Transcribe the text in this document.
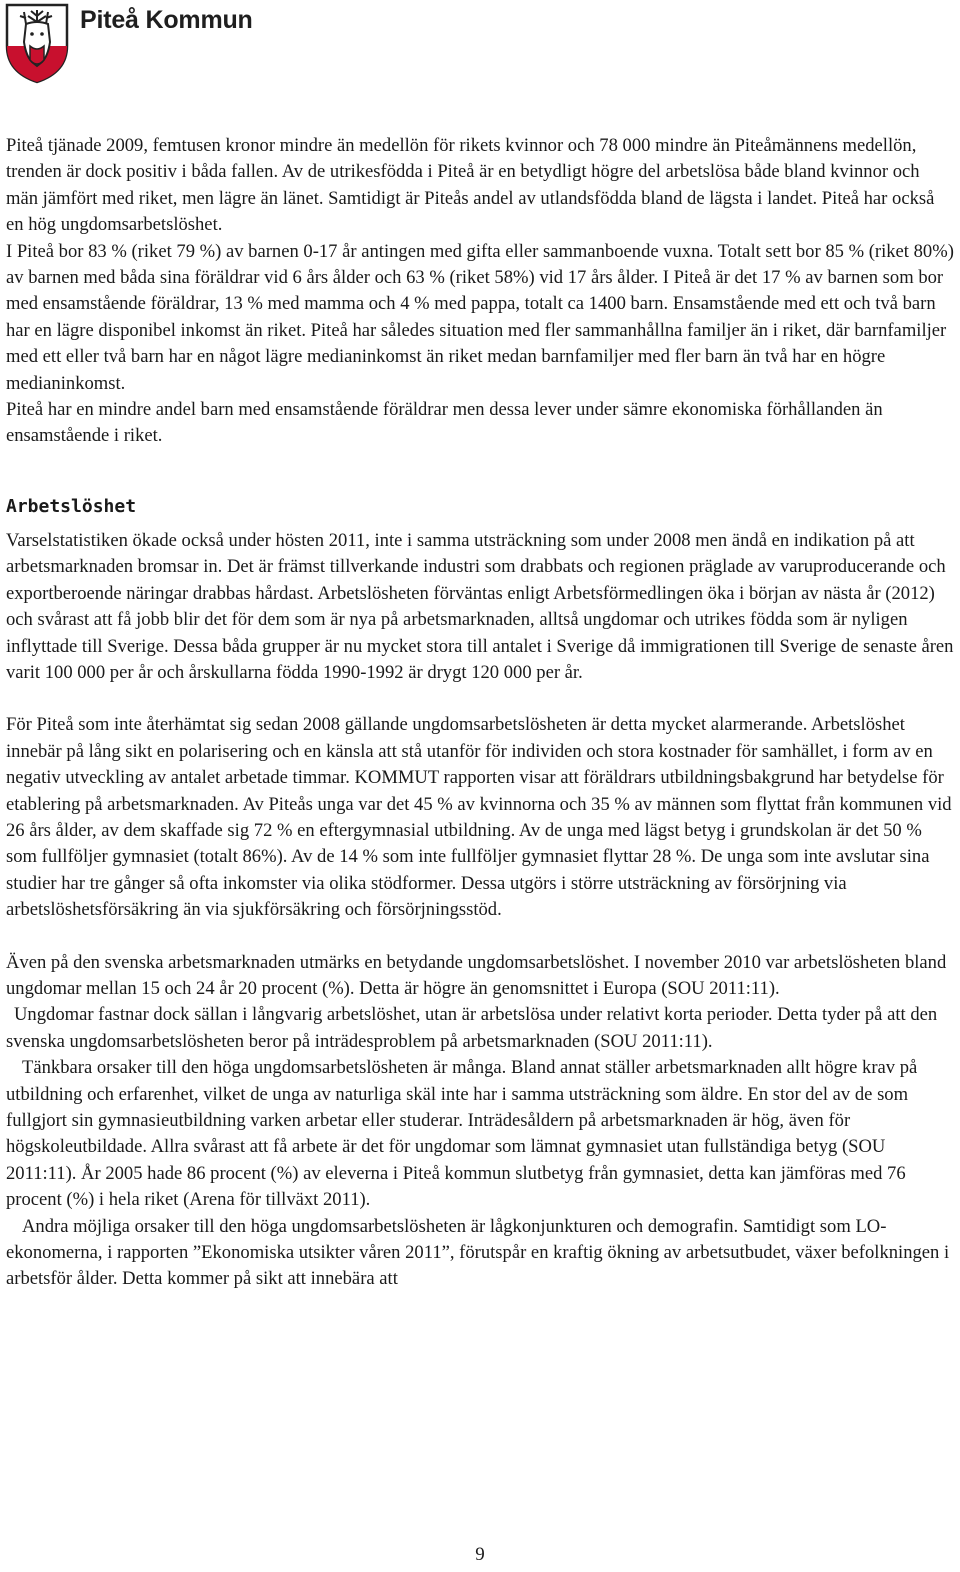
Piteå Kommun

Piteå tjänade 2009, femtusen kronor mindre än medellön för rikets kvinnor och 78 000 mindre än Piteåmännens medellön, trenden är dock positiv i båda fallen. Av de utrikesfödda i Piteå är en betydligt högre del arbetslösa både bland kvinnor och män jämfört med riket, men lägre än länet. Samtidigt är Piteås andel av utlandsfödda bland de lägsta i landet. Piteå har också en hög ungdomsarbetslöshet.

I Piteå bor 83 % (riket 79 %) av barnen 0-17 år antingen med gifta eller sammanboende vuxna. Totalt sett bor 85 % (riket 80%) av barnen med båda sina föräldrar vid 6 års ålder och 63 % (riket 58%) vid 17 års ålder. I Piteå är det 17 % av barnen som bor med ensamstående föräldrar, 13 % med mamma och 4 % med pappa, totalt ca 1400 barn. Ensamstående med ett och två barn har en lägre disponibel inkomst än riket. Piteå har således situation med fler sammanhållna familjer än i riket, där barnfamiljer med ett eller två barn har en något lägre medianinkomst än riket medan barnfamiljer med fler barn än två har en högre medianinkomst.

Piteå har en mindre andel barn med ensamstående föräldrar men dessa lever under sämre ekonomiska förhållanden än ensamstående i riket.

Arbetslöshet

Varselstatistiken ökade också under hösten 2011, inte i samma utsträckning som under 2008 men ändå en indikation på att arbetsmarknaden bromsar in. Det är främst tillverkande industri som drabbats och regionen präglade av varuproducerande och exportberoende näringar drabbas hårdast. Arbetslösheten förväntas enligt Arbetsförmedlingen öka i början av nästa år (2012) och svårast att få jobb blir det för dem som är nya på arbetsmarknaden, alltså ungdomar och utrikes födda som är nyligen inflyttade till Sverige. Dessa båda grupper är nu mycket stora till antalet i Sverige då immigrationen till Sverige de senaste åren varit 100 000 per år och årskullarna födda 1990-1992 är drygt 120 000 per år.

För Piteå som inte återhämtat sig sedan 2008 gällande ungdomsarbetslösheten är detta mycket alarmerande. Arbetslöshet innebär på lång sikt en polarisering och en känsla att stå utanför för individen och stora kostnader för samhället, i form av en negativ utveckling av antalet arbetade timmar. KOMMUT rapporten visar att föräldrars utbildningsbakgrund har betydelse för etablering på arbetsmarknaden. Av Piteås unga var det 45 % av kvinnorna och 35 % av männen som flyttat från kommunen vid 26 års ålder, av dem skaffade sig 72 % en eftergymnasial utbildning. Av de unga med lägst betyg i grundskolan är det 50 % som fullföljer gymnasiet (totalt 86%). Av de 14 % som inte fullföljer gymnasiet flyttar 28 %. De unga som inte avslutar sina studier har tre gånger så ofta inkomster via olika stödformer. Dessa utgörs i större utsträckning av försörjning via arbetslöshetsförsäkring än via sjukförsäkring och försörjningsstöd.

Även på den svenska arbetsmarknaden utmärks en betydande ungdomsarbetslöshet. I november 2010 var arbetslösheten bland ungdomar mellan 15 och 24 år 20 procent (%). Detta är högre än genomsnittet i Europa (SOU 2011:11).

Ungdomar fastnar dock sällan i långvarig arbetslöshet, utan är arbetslösa under relativt korta perioder. Detta tyder på att den svenska ungdomsarbetslösheten beror på inträdesproblem på arbetsmarknaden (SOU 2011:11).

Tänkbara orsaker till den höga ungdomsarbetslösheten är många. Bland annat ställer arbetsmarknaden allt högre krav på utbildning och erfarenhet, vilket de unga av naturliga skäl inte har i samma utsträckning som äldre. En stor del av de som fullgjort sin gymnasieutbildning varken arbetar eller studerar. Inträdesåldern på arbetsmarknaden är hög, även för högskoleutbildade. Allra svårast att få arbete är det för ungdomar som lämnat gymnasiet utan fullständiga betyg (SOU 2011:11). År 2005 hade 86 procent (%) av eleverna i Piteå kommun slutbetyg från gymnasiet, detta kan jämföras med 76 procent (%) i hela riket (Arena för tillväxt 2011).

Andra möjliga orsaker till den höga ungdomsarbetslösheten är lågkonjunkturen och demografin. Samtidigt som LO-ekonomerna, i rapporten ”Ekonomiska utsikter våren 2011”, förutspår en kraftig ökning av arbetsutbudet, växer befolkningen i arbetsför ålder. Detta kommer på sikt att innebära att

9
